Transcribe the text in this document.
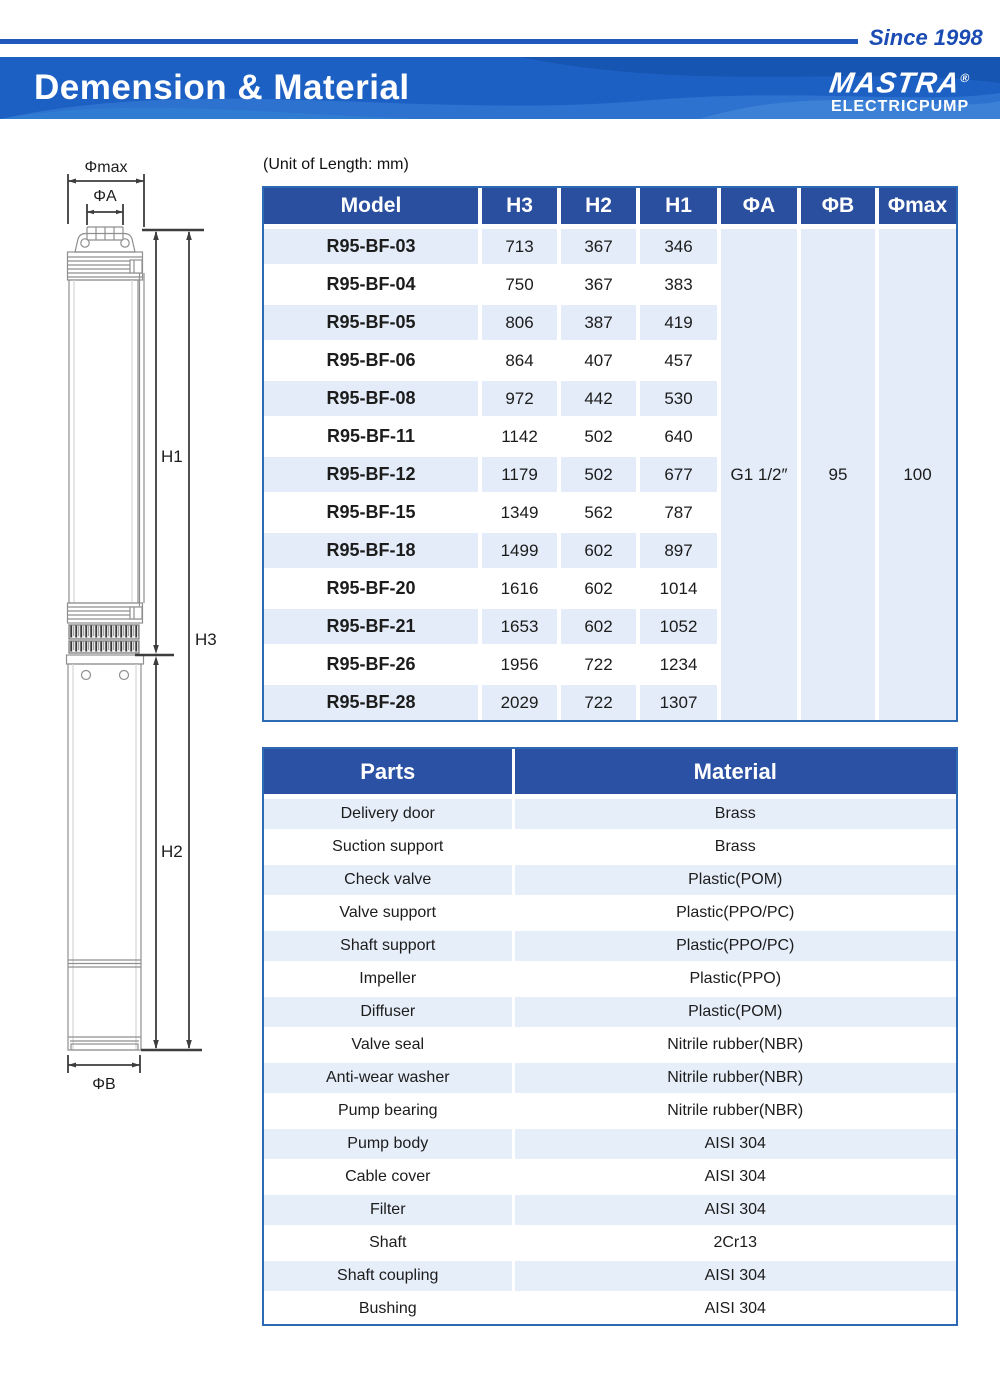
Since 1998
Demension & Material	MASTRA®
ELECTRICPUMP
(Unit of Length: mm)
Φmax
ΦA
H1
H3
H2
ΦB
Model	H3	H2	H1	ΦA	ΦB	Φmax
R95-BF-03	713	367	346	G1 1/2″	95	100
R95-BF-04	750	367	383			
R95-BF-05	806	387	419			
R95-BF-06	864	407	457			
R95-BF-08	972	442	530			
R95-BF-11	1142	502	640			
R95-BF-12	1179	502	677			
R95-BF-15	1349	562	787			
R95-BF-18	1499	602	897			
R95-BF-20	1616	602	1014			
R95-BF-21	1653	602	1052			
R95-BF-26	1956	722	1234			
R95-BF-28	2029	722	1307			
Parts	Material
Delivery door	Brass
Suction support	Brass
Check valve	Plastic(POM)
Valve support	Plastic(PPO/PC)
Shaft support	Plastic(PPO/PC)
Impeller	Plastic(PPO)
Diffuser	Plastic(POM)
Valve seal	Nitrile rubber(NBR)
Anti-wear washer	Nitrile rubber(NBR)
Pump bearing	Nitrile rubber(NBR)
Pump body	AISI 304
Cable cover	AISI 304
Filter	AISI 304
Shaft	2Cr13
Shaft coupling	AISI 304
Bushing	AISI 304
